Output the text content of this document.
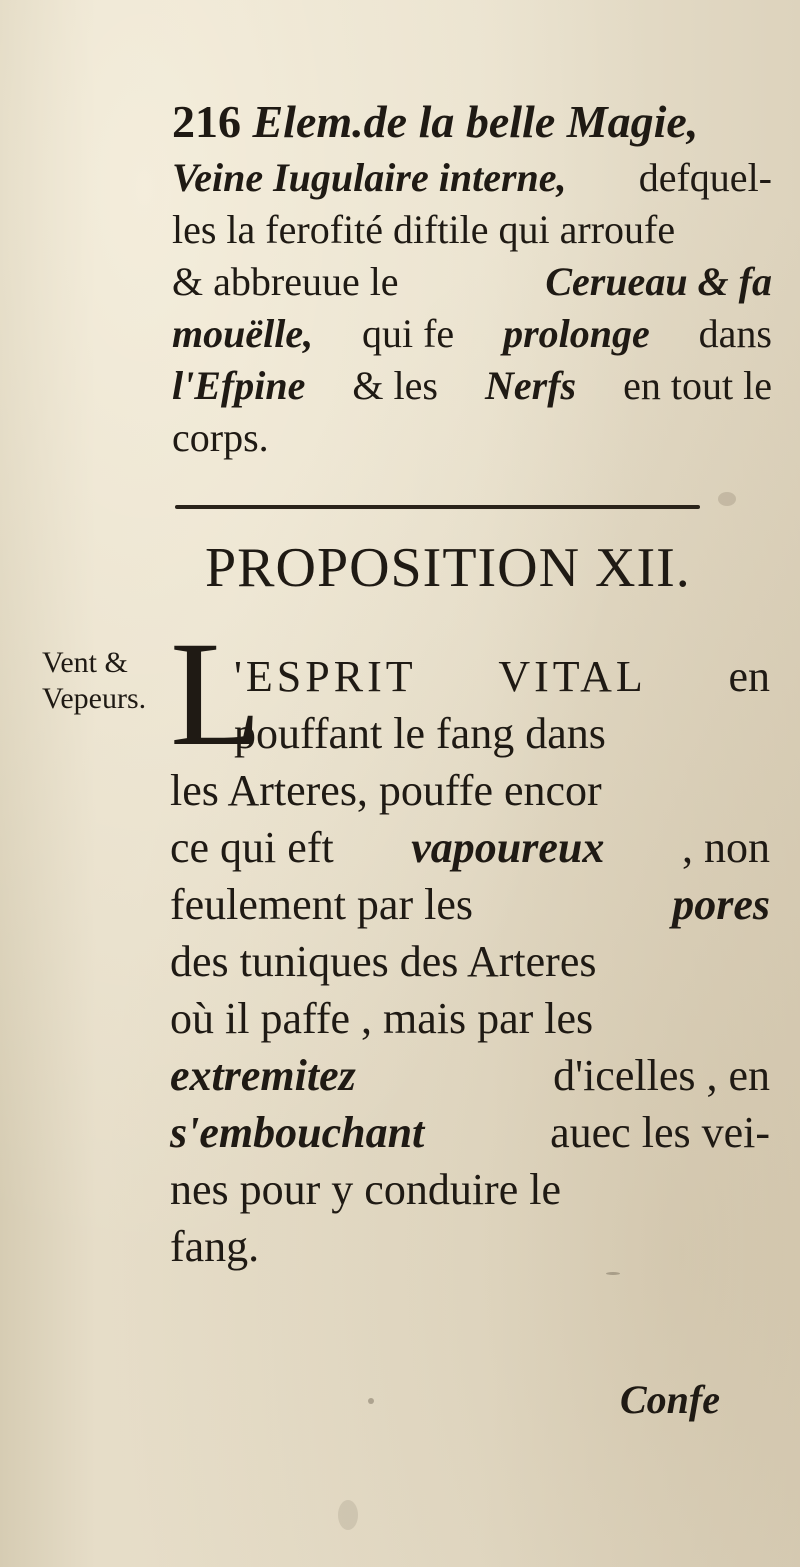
216 Elem.de la belle Magie,
Veine Iugulaire interne, defquel-
les la ferofité diftile qui arroufe
& abbreuue le	Cerueau & fa
mouëlle, qui fe prolonge dans
l'Efpine & les Nerfs en tout le
corps.
PROPOSITION XII.
Vent &
Vepeurs. L
'ESPRIT VITAL en
pouffant le fang dans
les Arteres, pouffe encor
ce qui eft vapoureux , non
feulement par les	pores
des tuniques des Arteres
où il paffe , mais par les
extremitez	d'icelles , en
s'embouchant	auec les vei-
nes pour y conduire le
fang.
Confe
